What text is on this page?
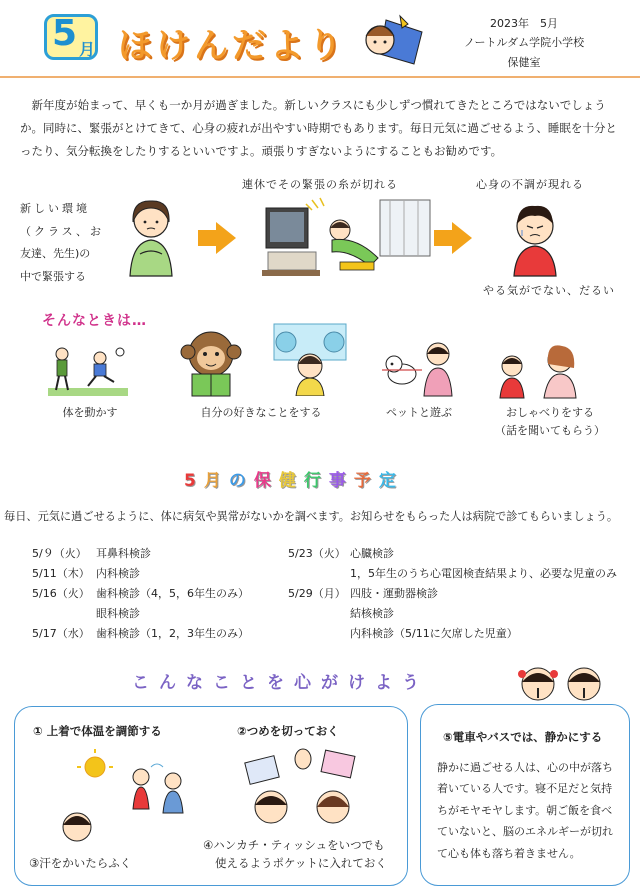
5 月 ほけんだより
2023年　5月
ノートルダム学院小学校
保健室
新年度が始まって、早くも一か月が過ぎました。新しいクラスにも少しずつ慣れてきたところではないでしょうか。同時に、緊張がとけてきて、心身の疲れが出やすい時期でもあります。毎日元気に過ごせるよう、睡眠を十分とったり、気分転換をしたりするといいですよ。頑張りすぎないようにすることもお勧めです。
新しい環境
（クラス、お
友達、先生)の
中で緊張する
連休でその緊張の糸が切れる	心身の不調が現れる
やる気がでない、だるい
そんなときは…
体を動かす	自分の好きなことをする	ペットと遊ぶ	おしゃべりをする
（話を聞いてもらう）
5月の保健行事予定
毎日、元気に過ごせるように、体に病気や異常がないかを調べます。お知らせをもらった人は病院で診てもらいましょう。
5/９（火） 耳鼻科検診
5/11（木） 内科検診
5/16（火） 歯科検診（4，5，6年生のみ）
眼科検診
5/17（水） 歯科検診（1，2，3年生のみ）
5/23（火） 心臓検診
1，5年生のうち心電図検査結果より、必要な児童のみ
5/29（月） 四肢・運動器検診
結核検診
内科検診（5/11に欠席した児童）
こんなことを心がけよう
① 上着で体温を調節する	②つめを切っておく
③汗をかいたらふく
④ハンカチ・ティッシュをいつでも
使えるようポケットに入れておく
⑤電車やバスでは、静かにする
静かに過ごせる人は、心の中が落ち着いている人です。寝不足だと気持ちがモヤモヤします。朝ご飯を食べていないと、脳のエネルギーが切れて心も体も落ち着きません。
